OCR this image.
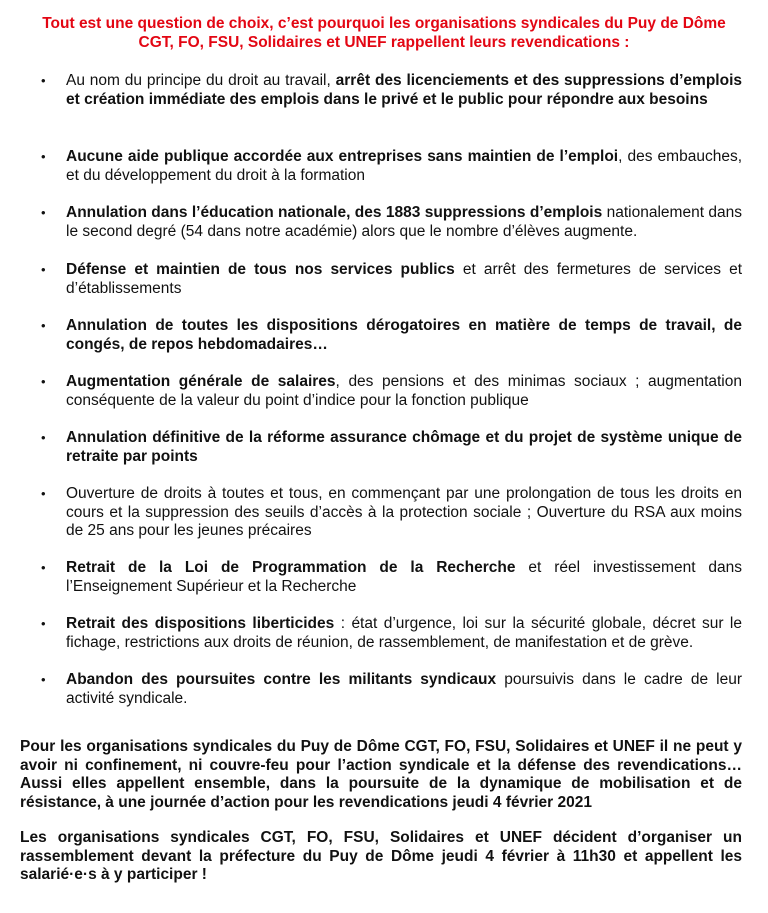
Tout est une question de choix, c’est pourquoi les organisations syndicales du Puy de Dôme
CGT, FO, FSU, Solidaires et UNEF rappellent leurs revendications :
• Au nom du principe du droit au travail, arrêt des licenciements et des suppressions d’emplois et création immédiate des emplois dans le privé et le public pour répondre aux besoins
• Aucune aide publique accordée aux entreprises sans maintien de l’emploi, des embauches, et du développement du droit à la formation
• Annulation dans l’éducation nationale, des 1883 suppressions d’emplois nationalement dans le second degré (54 dans notre académie) alors que le nombre d’élèves augmente.
• Défense et maintien de tous nos services publics et arrêt des fermetures de services et d’établissements
• Annulation de toutes les dispositions dérogatoires en matière de temps de travail, de congés, de repos hebdomadaires…
• Augmentation générale de salaires, des pensions et des minimas sociaux ; augmentation conséquente de la valeur du point d’indice pour la fonction publique
• Annulation définitive de la réforme assurance chômage et du projet de système unique de retraite par points
• Ouverture de droits à toutes et tous, en commençant par une prolongation de tous les droits en cours et la suppression des seuils d’accès à la protection sociale ; Ouverture du RSA aux moins de 25 ans pour les jeunes précaires
• Retrait de la Loi de Programmation de la Recherche et réel investissement dans l’Enseignement Supérieur et la Recherche
• Retrait des dispositions liberticides : état d’urgence, loi sur la sécurité globale, décret sur le fichage, restrictions aux droits de réunion, de rassemblement, de manifestation et de grève.
• Abandon des poursuites contre les militants syndicaux poursuivis dans le cadre de leur activité syndicale.
Pour les organisations syndicales du Puy de Dôme CGT, FO, FSU, Solidaires et UNEF il ne peut y avoir ni confinement, ni couvre-feu pour l’action syndicale et la défense des revendications… Aussi elles appellent ensemble, dans la poursuite de la dynamique de mobilisation et de résistance, à une journée d’action pour les revendications jeudi 4 février 2021
Les organisations syndicales CGT, FO, FSU, Solidaires et UNEF décident d’organiser un rassemblement devant la préfecture du Puy de Dôme jeudi 4 février à 11h30 et appellent les salarié·e·s à y participer !
